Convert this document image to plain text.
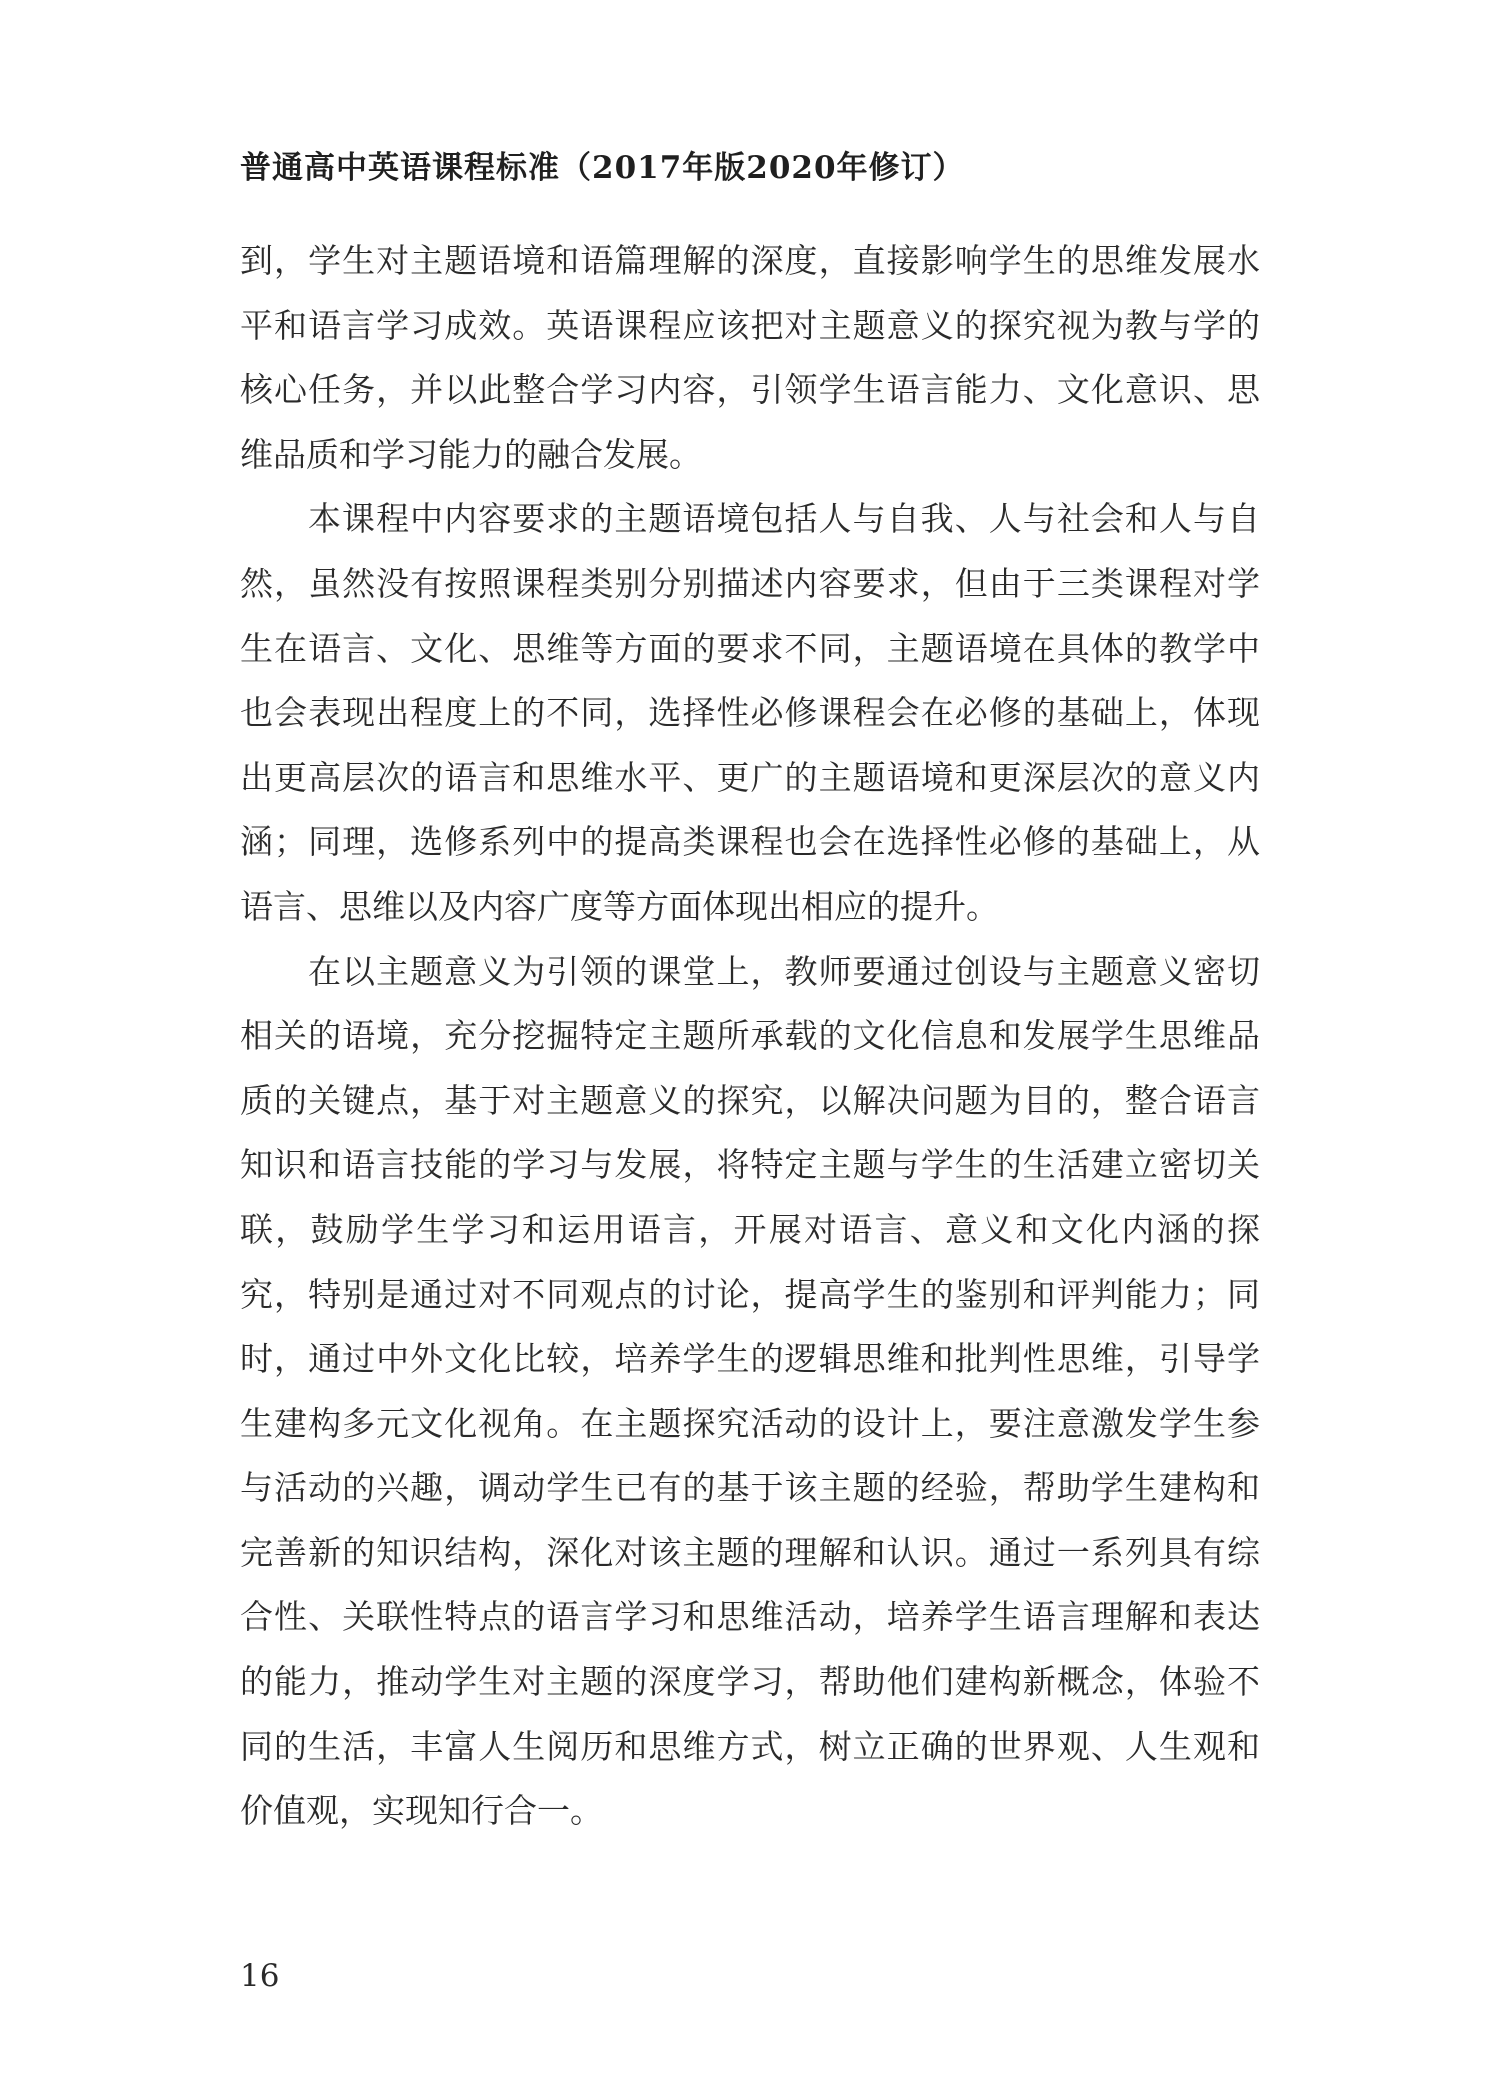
普通高中英语课程标准（2017年版2020年修订）
到，学生对主题语境和语篇理解的深度，直接影响学生的思维发展水
平和语言学习成效。英语课程应该把对主题意义的探究视为教与学的
核心任务，并以此整合学习内容，引领学生语言能力、文化意识、思
维品质和学习能力的融合发展。
本课程中内容要求的主题语境包括人与自我、人与社会和人与自
然，虽然没有按照课程类别分别描述内容要求，但由于三类课程对学
生在语言、文化、思维等方面的要求不同，主题语境在具体的教学中
也会表现出程度上的不同，选择性必修课程会在必修的基础上，体现
出更高层次的语言和思维水平、更广的主题语境和更深层次的意义内
涵；同理，选修系列中的提高类课程也会在选择性必修的基础上，从
语言、思维以及内容广度等方面体现出相应的提升。
在以主题意义为引领的课堂上，教师要通过创设与主题意义密切
相关的语境，充分挖掘特定主题所承载的文化信息和发展学生思维品
质的关键点，基于对主题意义的探究，以解决问题为目的，整合语言
知识和语言技能的学习与发展，将特定主题与学生的生活建立密切关
联，鼓励学生学习和运用语言，开展对语言、意义和文化内涵的探
究，特别是通过对不同观点的讨论，提高学生的鉴别和评判能力；同
时，通过中外文化比较，培养学生的逻辑思维和批判性思维，引导学
生建构多元文化视角。在主题探究活动的设计上，要注意激发学生参
与活动的兴趣，调动学生已有的基于该主题的经验，帮助学生建构和
完善新的知识结构，深化对该主题的理解和认识。通过一系列具有综
合性、关联性特点的语言学习和思维活动，培养学生语言理解和表达
的能力，推动学生对主题的深度学习，帮助他们建构新概念，体验不
同的生活，丰富人生阅历和思维方式，树立正确的世界观、人生观和
价值观，实现知行合一。
16
